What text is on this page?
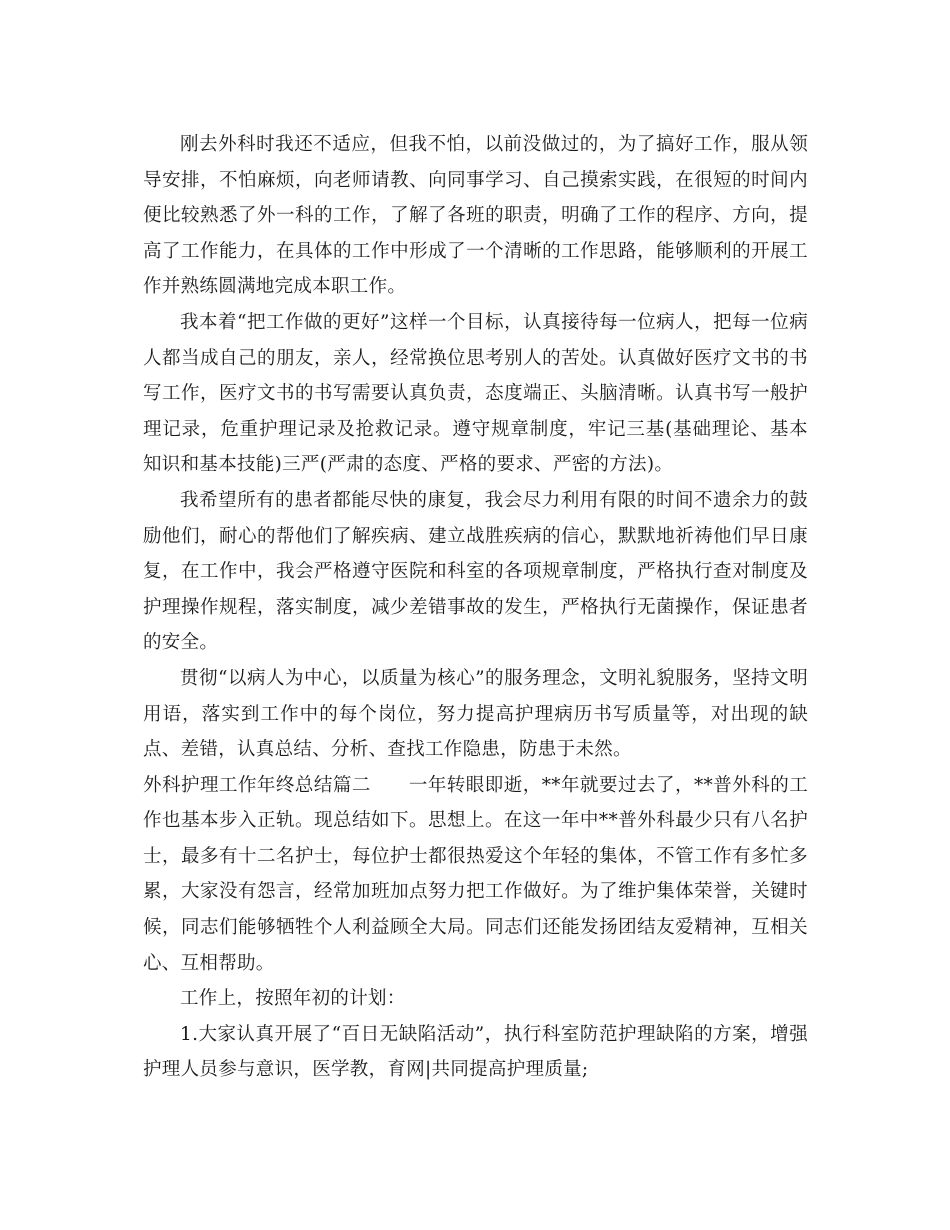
刚去外科时我还不适应，但我不怕，以前没做过的，为了搞好工作，服从领导安排，不怕麻烦，向老师请教、向同事学习、自己摸索实践，在很短的时间内便比较熟悉了外一科的工作，了解了各班的职责，明确了工作的程序、方向，提高了工作能力，在具体的工作中形成了一个清晰的工作思路，能够顺利的开展工作并熟练圆满地完成本职工作。

我本着“把工作做的更好”这样一个目标，认真接待每一位病人，把每一位病人都当成自己的朋友，亲人，经常换位思考别人的苦处。认真做好医疗文书的书写工作，医疗文书的书写需要认真负责，态度端正、头脑清晰。认真书写一般护理记录，危重护理记录及抢救记录。遵守规章制度，牢记三基(基础理论、基本知识和基本技能)三严(严肃的态度、严格的要求、严密的方法)。

我希望所有的患者都能尽快的康复，我会尽力利用有限的时间不遗余力的鼓励他们，耐心的帮他们了解疾病、建立战胜疾病的信心，默默地祈祷他们早日康复，在工作中，我会严格遵守医院和科室的各项规章制度，严格执行查对制度及护理操作规程，落实制度，减少差错事故的发生，严格执行无菌操作，保证患者的安全。

贯彻“以病人为中心，以质量为核心”的服务理念，文明礼貌服务，坚持文明用语，落实到工作中的每个岗位，努力提高护理病历书写质量等，对出现的缺点、差错，认真总结、分析、查找工作隐患，防患于未然。

外科护理工作年终总结篇二　　一年转眼即逝，**年就要过去了，**普外科的工作也基本步入正轨。现总结如下。思想上。在这一年中**普外科最少只有八名护士，最多有十二名护士，每位护士都很热爱这个年轻的集体，不管工作有多忙多累，大家没有怨言，经常加班加点努力把工作做好。为了维护集体荣誉，关键时候，同志们能够牺牲个人利益顾全大局。同志们还能发扬团结友爱精神，互相关心、互相帮助。

工作上，按照年初的计划：

1.大家认真开展了“百日无缺陷活动”，执行科室防范护理缺陷的方案，增强护理人员参与意识，医学教，育网|共同提高护理质量;
